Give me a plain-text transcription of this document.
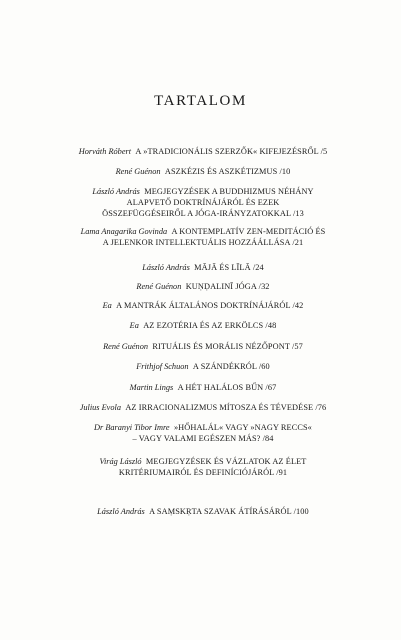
TARTALOM
Horváth Róbert A »TRADICIONÁLIS SZERZŐK« KIFEJEZÉSRŐL /5
René Guénon ASZKÉZIS ÉS ASZKÉTIZMUS /10
László András MEGJEGYZÉSEK A BUDDHIZMUS NÉHÁNY
ALAPVETŐ DOKTRÍNÁJÁRÓL ÉS EZEK
ÖSSZEFÜGGÉSEIRŐL A JÓGA-IRÁNYZATOKKAL /13
Lama Anagarika Govinda A KONTEMPLATÍV ZEN-MEDITÁCIÓ ÉS
A JELENKOR INTELLEKTUÁLIS HOZZÁÁLLÁSA /21
László András MĀJĀ ÉS LĪLĀ /24
René Guénon KUṆḌALINĪ JÓGA /32
Ea A MANTRÁK ÁLTALÁNOS DOKTRÍNÁJÁRÓL /42
Ea AZ EZOTÉRIA ÉS AZ ERKÖLCS /48
René Guénon RITUÁLIS ÉS MORÁLIS NÉZŐPONT /57
Frithjof Schuon A SZÁNDÉKRÓL /60
Martin Lings A HÉT HALÁLOS BŰN /67
Julius Evola AZ IRRACIONALIZMUS MÍTOSZA ÉS TÉVEDÉSE /76
Dr Baranyi Tibor Imre »HŐHALÁL« VAGY »NAGY RECCS«
– VAGY VALAMI EGÉSZEN MÁS? /84
Virág László MEGJEGYZÉSEK ÉS VÁZLATOK AZ ÉLET
KRITÉRIUMAIRÓL ÉS DEFINÍCIÓJÁRÓL /91
László András A SAṂSKṚTA SZAVAK ÁTÍRÁSÁRÓL /100
